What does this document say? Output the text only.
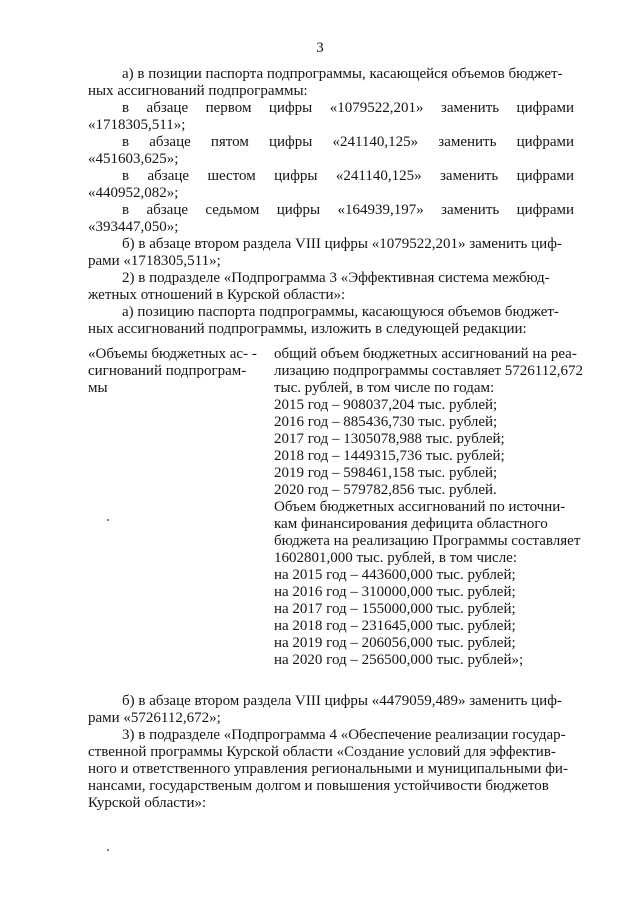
3
а) в позиции паспорта подпрограммы, касающейся объемов бюджет-
ных ассигнований подпрограммы:
в абзаце первом цифры «1079522,201» заменить цифрами
«1718305,511»;
в абзаце пятом цифры «241140,125» заменить цифрами
«451603,625»;
в абзаце шестом цифры «241140,125» заменить цифрами
«440952,082»;
в абзаце седьмом цифры «164939,197» заменить цифрами
«393447,050»;
б) в абзаце втором раздела VIII цифры «1079522,201» заменить циф-
рами «1718305,511»;
2) в подразделе «Подпрограмма 3 «Эффективная система межбюд-
жетных отношений в Курской области»:
а) позицию паспорта подпрограммы, касающуюся объемов бюджет-
ных ассигнований подпрограммы, изложить в следующей редакции:
«Объемы бюджетных ас- -
сигнований подпрограм-
мы
общий объем бюджетных ассигнований на реа-
лизацию подпрограммы составляет 5726112,672
тыс. рублей, в том числе по годам:
2015 год – 908037,204 тыс. рублей;
2016 год – 885436,730 тыс. рублей;
2017 год – 1305078,988 тыс. рублей;
2018 год – 1449315,736 тыс. рублей;
2019 год – 598461,158 тыс. рублей;
2020 год – 579782,856 тыс. рублей.
Объем бюджетных ассигнований по источни-
кам финансирования дефицита областного
бюджета на реализацию Программы составляет
1602801,000 тыс. рублей, в том числе:
на 2015 год – 443600,000 тыс. рублей;
на 2016 год – 310000,000 тыс. рублей;
на 2017 год – 155000,000 тыс. рублей;
на 2018 год – 231645,000 тыс. рублей;
на 2019 год – 206056,000 тыс. рублей;
на 2020 год – 256500,000 тыс. рублей»;
б) в абзаце втором раздела VIII цифры «4479059,489» заменить циф-
рами «5726112,672»;
3) в подразделе «Подпрограмма 4 «Обеспечение реализации государ-
ственной программы Курской области «Создание условий для эффектив-
ного и ответственного управления региональными и муниципальными фи-
нансами, государственым долгом и повышения устойчивости бюджетов
Курской области»:
